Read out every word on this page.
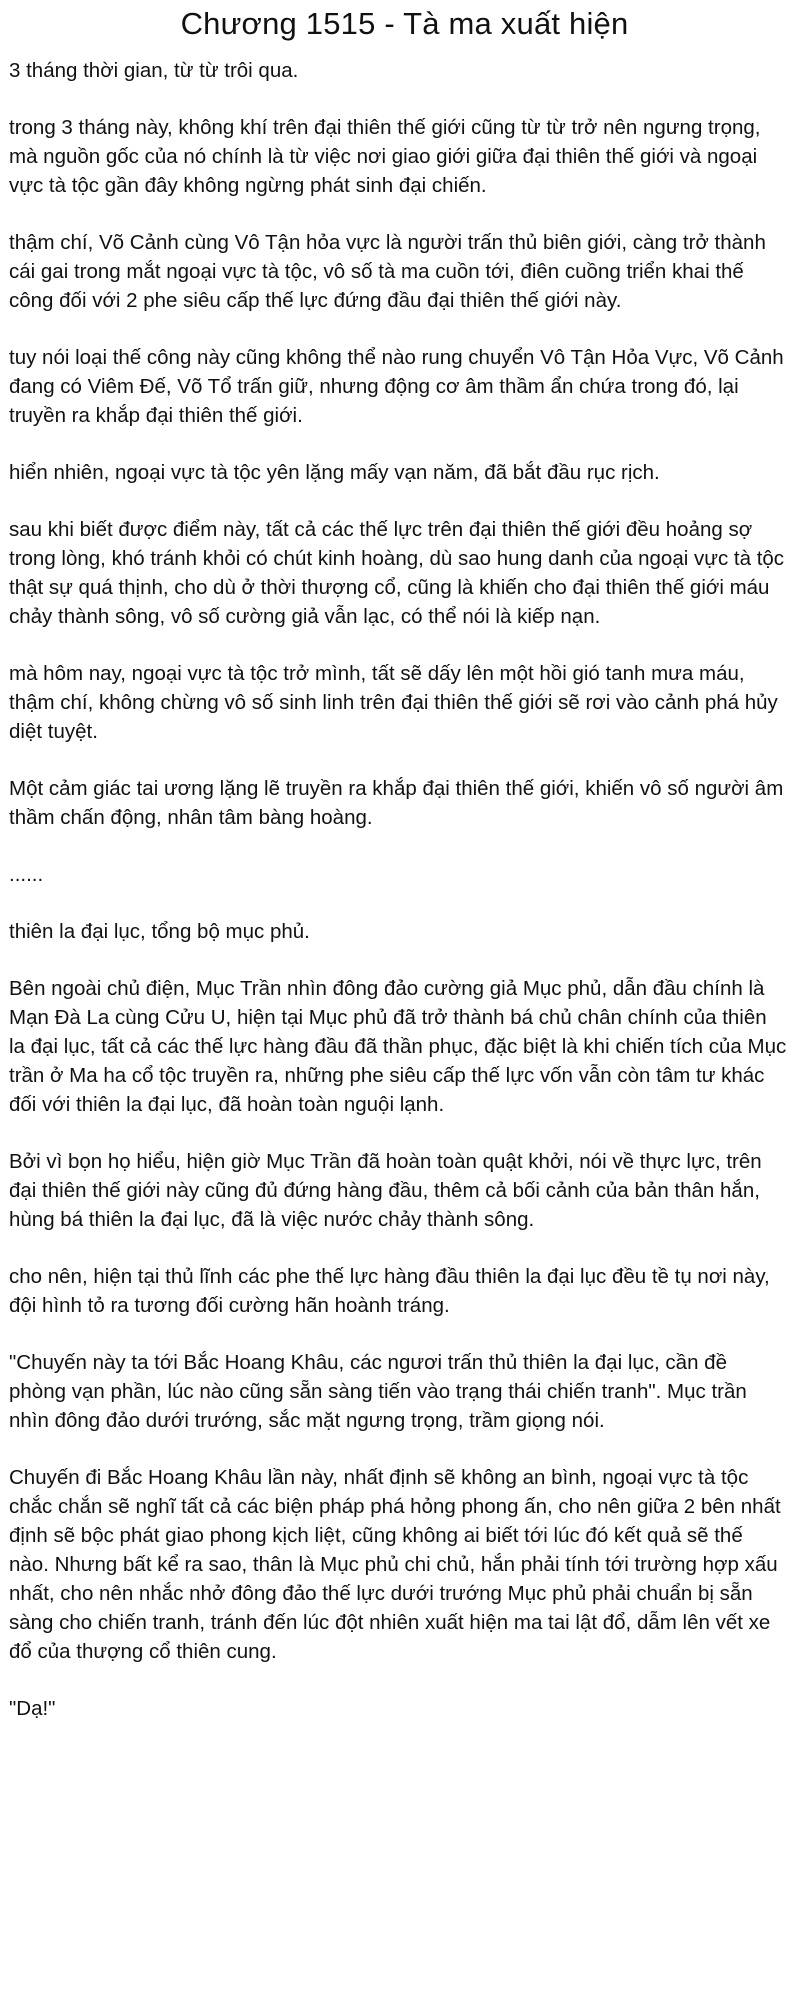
Chương 1515 - Tà ma xuất hiện

3 tháng thời gian, từ từ trôi qua.

trong 3 tháng này, không khí trên đại thiên thế giới cũng từ từ trở nên ngưng trọng, mà nguồn gốc của nó chính là từ việc nơi giao giới giữa đại thiên thế giới và ngoại vực tà tộc gần đây không ngừng phát sinh đại chiến.

thậm chí, Võ Cảnh cùng Vô Tận hỏa vực là người trấn thủ biên giới, càng trở thành cái gai trong mắt ngoại vực tà tộc, vô số tà ma cuồn tới, điên cuồng triển khai thế công đối với 2 phe siêu cấp thế lực đứng đầu đại thiên thế giới này.

tuy nói loại thế công này cũng không thể nào rung chuyển Vô Tận Hỏa Vực, Võ Cảnh đang có Viêm Đế, Võ Tổ trấn giữ, nhưng động cơ âm thầm ẩn chứa trong đó, lại truyền ra khắp đại thiên thế giới.

hiển nhiên, ngoại vực tà tộc yên lặng mấy vạn năm, đã bắt đầu rục rịch.

sau khi biết được điểm này, tất cả các thế lực trên đại thiên thế giới đều hoảng sợ trong lòng, khó tránh khỏi có chút kinh hoàng, dù sao hung danh của ngoại vực tà tộc thật sự quá thịnh, cho dù ở thời thượng cổ, cũng là khiến cho đại thiên thế giới máu chảy thành sông, vô số cường giả vẫn lạc, có thể nói là kiếp nạn.

mà hôm nay, ngoại vực tà tộc trở mình, tất sẽ dấy lên một hồi gió tanh mưa máu, thậm chí, không chừng vô số sinh linh trên đại thiên thế giới sẽ rơi vào cảnh phá hủy diệt tuyệt.

Một cảm giác tai ương lặng lẽ truyền ra khắp đại thiên thế giới, khiến vô số người âm thầm chấn động, nhân tâm bàng hoàng.

......

thiên la đại lục, tổng bộ mục phủ.

Bên ngoài chủ điện, Mục Trần nhìn đông đảo cường giả Mục phủ, dẫn đầu chính là Mạn Đà La cùng Cửu U, hiện tại Mục phủ đã trở thành bá chủ chân chính của thiên la đại lục, tất cả các thế lực hàng đầu đã thần phục, đặc biệt là khi chiến tích của Mục trần ở Ma ha cổ tộc truyền ra, những phe siêu cấp thế lực vốn vẫn còn tâm tư khác đối với thiên la đại lục, đã hoàn toàn nguội lạnh.

Bởi vì bọn họ hiểu, hiện giờ Mục Trần đã hoàn toàn quật khởi, nói về thực lực, trên đại thiên thế giới này cũng đủ đứng hàng đầu, thêm cả bối cảnh của bản thân hắn, hùng bá thiên la đại lục, đã là việc nước chảy thành sông.

cho nên, hiện tại thủ lĩnh các phe thế lực hàng đầu thiên la đại lục đều tề tụ nơi này, đội hình tỏ ra tương đối cường hãn hoành tráng.

"Chuyến này ta tới Bắc Hoang Khâu, các ngươi trấn thủ thiên la đại lục, cần đề phòng vạn phần, lúc nào cũng sẵn sàng tiến vào trạng thái chiến tranh". Mục trần nhìn đông đảo dưới trướng, sắc mặt ngưng trọng, trầm giọng nói.

Chuyến đi Bắc Hoang Khâu lần này, nhất định sẽ không an bình, ngoại vực tà tộc chắc chắn sẽ nghĩ tất cả các biện pháp phá hỏng phong ấn, cho nên giữa 2 bên nhất định sẽ bộc phát giao phong kịch liệt, cũng không ai biết tới lúc đó kết quả sẽ thế nào. Nhưng bất kể ra sao, thân là Mục phủ chi chủ, hắn phải tính tới trường hợp xấu nhất, cho nên nhắc nhở đông đảo thế lực dưới trướng Mục phủ phải chuẩn bị sẵn sàng cho chiến tranh, tránh đến lúc đột nhiên xuất hiện ma tai lật đổ, dẫm lên vết xe đổ của thượng cổ thiên cung.

"Dạ!"
